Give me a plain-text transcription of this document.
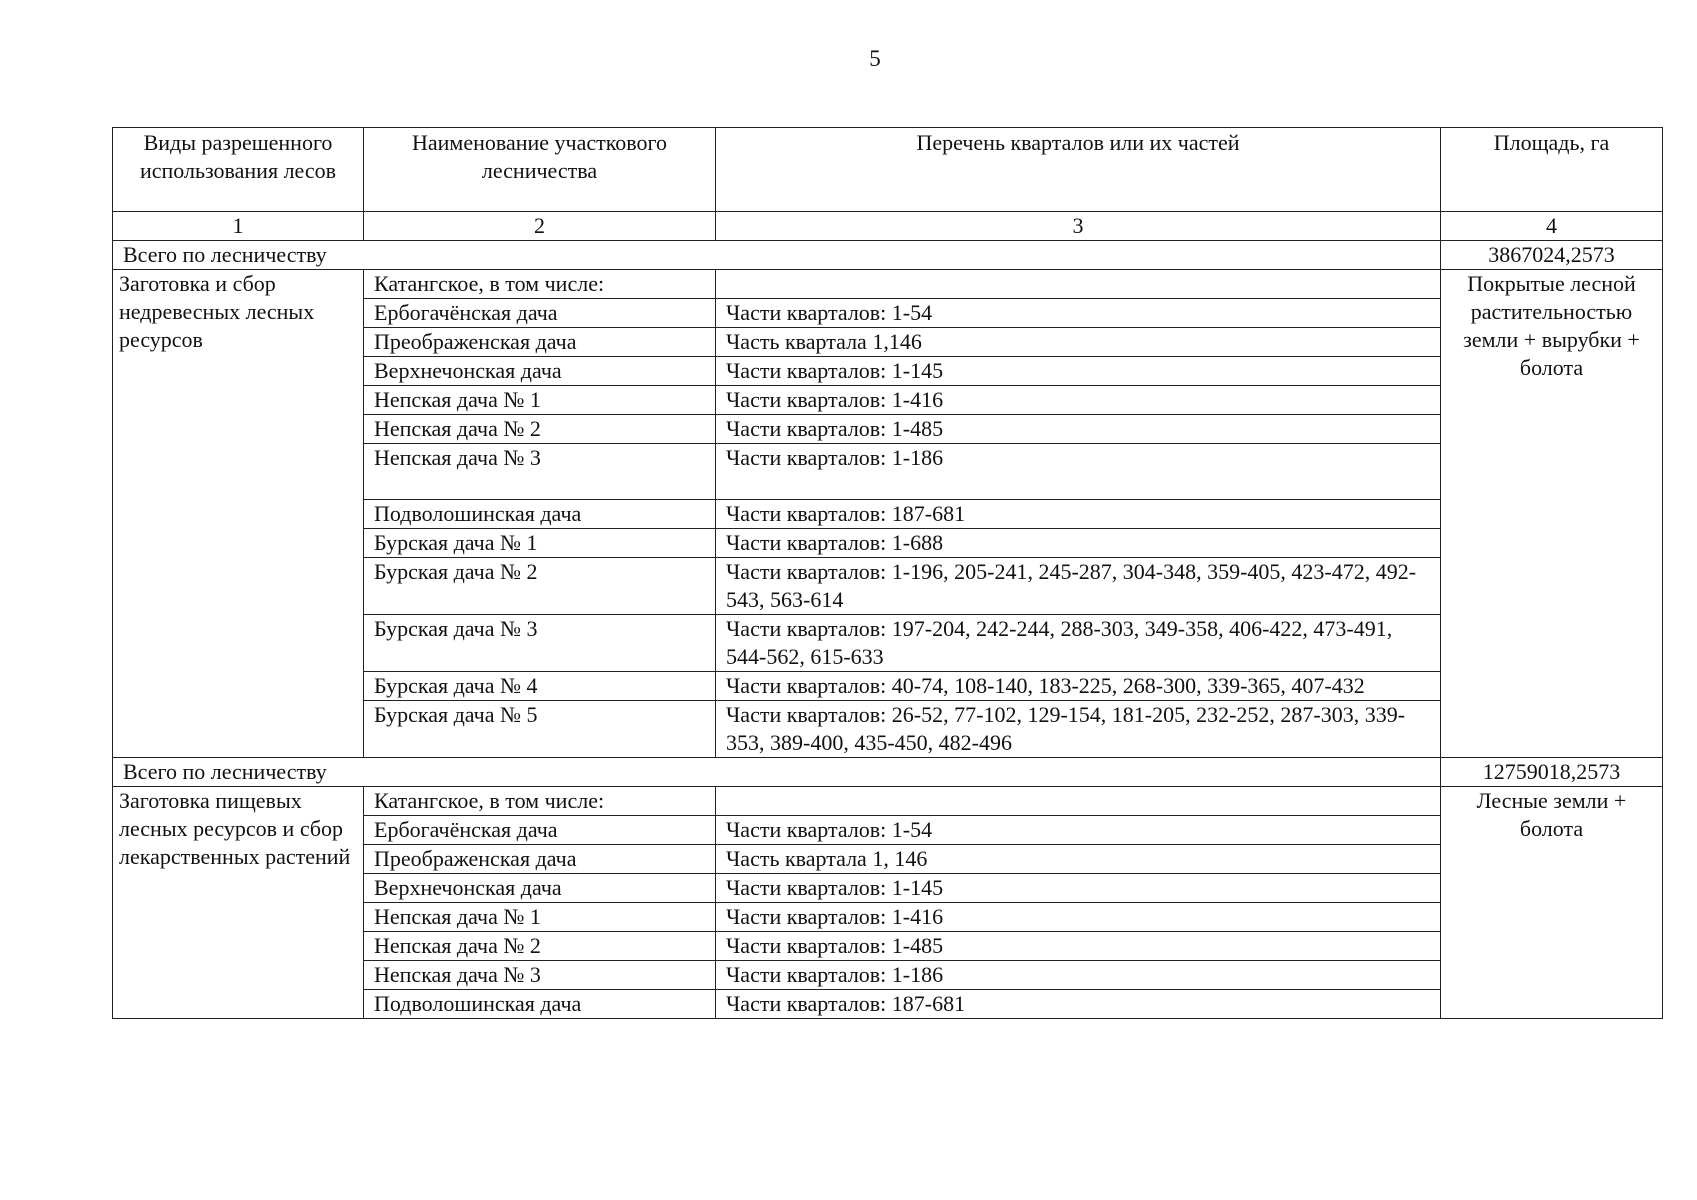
5
Виды разрешенного использования лесов	Наименование участкового лесничества	Перечень кварталов или их частей	Площадь, га
1	2	3	4
Всего по лесничеству			3867024,2573
Заготовка и сбор недревесных лесных ресурсов	Катангское, в том числе:		Покрытые лесной растительностью земли + вырубки + болота
	Ербогачёнская дача	Части кварталов: 1-54	
	Преображенская дача	Часть квартала 1,146	
	Верхнечонская дача	Части кварталов: 1-145	
	Непская дача № 1	Части кварталов: 1-416	
	Непская дача № 2	Части кварталов: 1-485	
	Непская дача № 3	Части кварталов: 1-186	
	Подволошинская дача	Части кварталов: 187-681	
	Бурская дача № 1	Части кварталов: 1-688	
	Бурская дача № 2	Части кварталов: 1-196, 205-241, 245-287, 304-348, 359-405, 423-472, 492-543, 563-614	
	Бурская дача № 3	Части кварталов: 197-204, 242-244, 288-303, 349-358, 406-422, 473-491, 544-562, 615-633	
	Бурская дача № 4	Части кварталов: 40-74, 108-140, 183-225, 268-300, 339-365, 407-432	
	Бурская дача № 5	Части кварталов: 26-52, 77-102, 129-154, 181-205, 232-252, 287-303, 339-353, 389-400, 435-450, 482-496	
Всего по лесничеству			12759018,2573
Заготовка пищевых лесных ресурсов и сбор лекарственных растений	Катангское, в том числе:		Лесные земли + болота
	Ербогачёнская дача	Части кварталов: 1-54	
	Преображенская дача	Часть квартала 1, 146	
	Верхнечонская дача	Части кварталов: 1-145	
	Непская дача № 1	Части кварталов: 1-416	
	Непская дача № 2	Части кварталов: 1-485	
	Непская дача № 3	Части кварталов: 1-186	
	Подволошинская дача	Части кварталов: 187-681	
